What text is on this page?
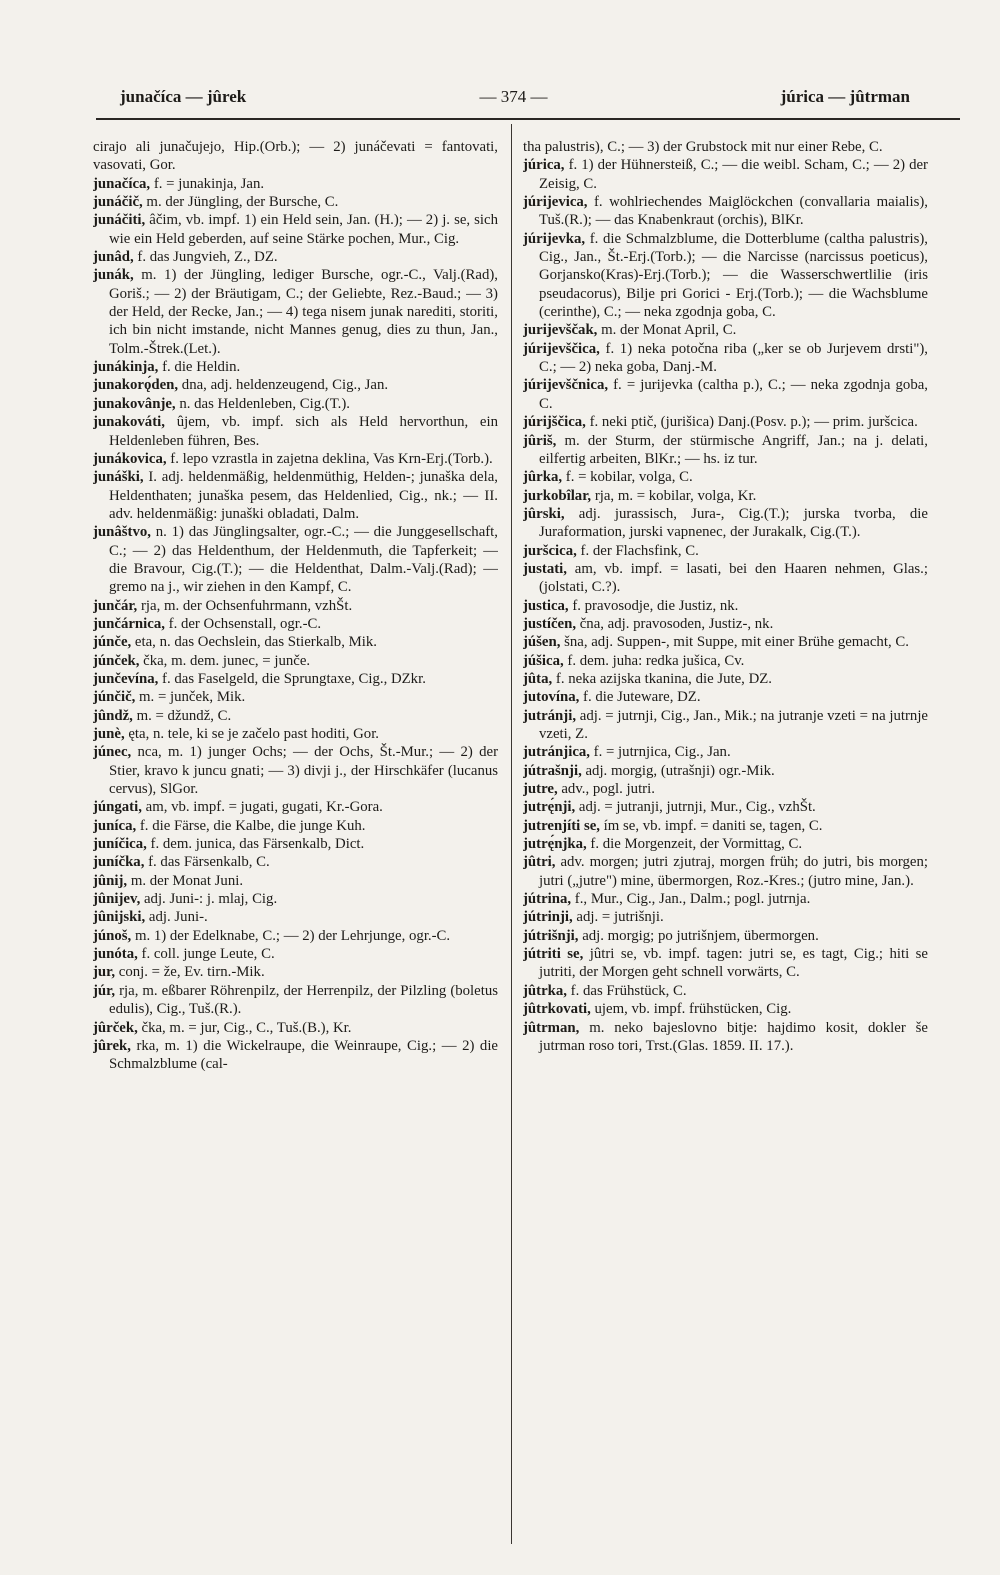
junačíca — jûrek	— 374 —	júrica — jûtrman

cirajo ali junačujejo, Hip.(Orb.); — 2) junáčevati = fantovati, vasovati, Gor.

junačíca, f. = junakinja, Jan.

junáčič, m. der Jüngling, der Bursche, C.

junáčiti, âčim, vb. impf. 1) ein Held sein, Jan. (H.); — 2) j. se, sich wie ein Held geberden, auf seine Stärke pochen, Mur., Cig.

junâd, f. das Jungvieh, Z., DZ.

junák, m. 1) der Jüngling, lediger Bursche, ogr.-C., Valj.(Rad), Goriš.; — 2) der Bräutigam, C.; der Geliebte, Rez.-Baud.; — 3) der Held, der Recke, Jan.; — 4) tega nisem junak narediti, storiti, ich bin nicht imstande, nicht Mannes genug, dies zu thun, Jan., Tolm.-Štrek.(Let.).

junákinja, f. die Heldin.

junakorǫ́den, dna, adj. heldenzeugend, Cig., Jan.

junakovânje, n. das Heldenleben, Cig.(T.).

junakováti, ûjem, vb. impf. sich als Held hervorthun, ein Heldenleben führen, Bes.

junákovica, f. lepo vzrastla in zajetna deklina, Vas Krn-Erj.(Torb.).

junáški, I. adj. heldenmäßig, heldenmüthig, Helden-; junaška dela, Heldenthaten; junaška pesem, das Heldenlied, Cig., nk.; — II. adv. heldenmäßig: junaški obladati, Dalm.

junâštvo, n. 1) das Jünglingsalter, ogr.-C.; — die Junggesellschaft, C.; — 2) das Heldenthum, der Heldenmuth, die Tapferkeit; — die Bravour, Cig.(T.); — die Heldenthat, Dalm.-Valj.(Rad); — gremo na j., wir ziehen in den Kampf, C.

junčár, rja, m. der Ochsenfuhrmann, vzhŠt.

junčárnica, f. der Ochsenstall, ogr.-C.

júnče, eta, n. das Oechslein, das Stierkalb, Mik.

júnček, čka, m. dem. junec, = junče.

junčevína, f. das Faselgeld, die Sprungtaxe, Cig., DZkr.

júnčič, m. = junček, Mik.

jûndž, m. = džundž, C.

junè, ęta, n. tele, ki se je začelo past hoditi, Gor.

júnec, nca, m. 1) junger Ochs; — der Ochs, Št.-Mur.; — 2) der Stier, kravo k juncu gnati; — 3) divji j., der Hirschkäfer (lucanus cervus), SlGor.

júngati, am, vb. impf. = jugati, gugati, Kr.-Gora.

juníca, f. die Färse, die Kalbe, die junge Kuh.

juníčica, f. dem. junica, das Färsenkalb, Dict.

juníčka, f. das Färsenkalb, C.

jûnij, m. der Monat Juni.

jûnijev, adj. Juni-: j. mlaj, Cig.

jûnijski, adj. Juni-.

júnoš, m. 1) der Edelknabe, C.; — 2) der Lehrjunge, ogr.-C.

junóta, f. coll. junge Leute, C.

jur, conj. = že, Ev. tirn.-Mik.

júr, rja, m. eßbarer Röhrenpilz, der Herrenpilz, der Pilzling (boletus edulis), Cig., Tuš.(R.).

jûrček, čka, m. = jur, Cig., C., Tuš.(B.), Kr.

jûrek, rka, m. 1) die Wickelraupe, die Weinraupe, Cig.; — 2) die Schmalzblume (cal-

tha palustris), C.; — 3) der Grubstock mit nur einer Rebe, C.

júrica, f. 1) der Hühnersteiß, C.; — die weibl. Scham, C.; — 2) der Zeisig, C.

júrijevica, f. wohlriechendes Maiglöckchen (convallaria maialis), Tuš.(R.); — das Knabenkraut (orchis), BlKr.

júrijevka, f. die Schmalzblume, die Dotterblume (caltha palustris), Cig., Jan., Št.-Erj.(Torb.); — die Narcisse (narcissus poeticus), Gorjansko(Kras)-Erj.(Torb.); — die Wasserschwertlilie (iris pseudacorus), Bilje pri Gorici - Erj.(Torb.); — die Wachsblume (cerinthe), C.; — neka zgodnja goba, C.

jurijevščak, m. der Monat April, C.

júrijevščica, f. 1) neka potočna riba („ker se ob Jurjevem drsti"), C.; — 2) neka goba, Danj.-M.

júrijevščnica, f. = jurijevka (caltha p.), C.; — neka zgodnja goba, C.

júrijščica, f. neki ptič, (jurišica) Danj.(Posv. p.); — prim. juršcica.

jûriš, m. der Sturm, der stürmische Angriff, Jan.; na j. delati, eilfertig arbeiten, BlKr.; — hs. iz tur.

jûrka, f. = kobilar, volga, C.

jurkobîlar, rja, m. = kobilar, volga, Kr.

jûrski, adj. jurassisch, Jura-, Cig.(T.); jurska tvorba, die Juraformation, jurski vapnenec, der Jurakalk, Cig.(T.).

juršcica, f. der Flachsfink, C.

justati, am, vb. impf. = lasati, bei den Haaren nehmen, Glas.; (jolstati, C.?).

justica, f. pravosodje, die Justiz, nk.

justíčen, čna, adj. pravosoden, Justiz-, nk.

júšen, šna, adj. Suppen-, mit Suppe, mit einer Brühe gemacht, C.

júšica, f. dem. juha: redka jušica, Cv.

jûta, f. neka azijska tkanina, die Jute, DZ.

jutovína, f. die Juteware, DZ.

jutránji, adj. = jutrnji, Cig., Jan., Mik.; na jutranje vzeti = na jutrnje vzeti, Z.

jutránjica, f. = jutrnjica, Cig., Jan.

jútrašnji, adj. morgig, (utrašnji) ogr.-Mik.

jutre, adv., pogl. jutri.

jutrę́nji, adj. = jutranji, jutrnji, Mur., Cig., vzhŠt.

jutrenjíti se, ím se, vb. impf. = daniti se, tagen, C.

jutrę́njka, f. die Morgenzeit, der Vormittag, C.

jûtri, adv. morgen; jutri zjutraj, morgen früh; do jutri, bis morgen; jutri („jutre") mine, übermorgen, Roz.-Kres.; (jutro mine, Jan.).

jútrina, f., Mur., Cig., Jan., Dalm.; pogl. jutrnja.

jútrinji, adj. = jutrišnji.

jútrišnji, adj. morgig; po jutrišnjem, übermorgen.

jútriti se, jûtri se, vb. impf. tagen: jutri se, es tagt, Cig.; hiti se jutriti, der Morgen geht schnell vorwärts, C.

jûtrka, f. das Frühstück, C.

jûtrkovati, ujem, vb. impf. frühstücken, Cig.

jûtrman, m. neko bajeslovno bitje: hajdimo kosit, dokler še jutrman roso tori, Trst.(Glas. 1859. II. 17.).
